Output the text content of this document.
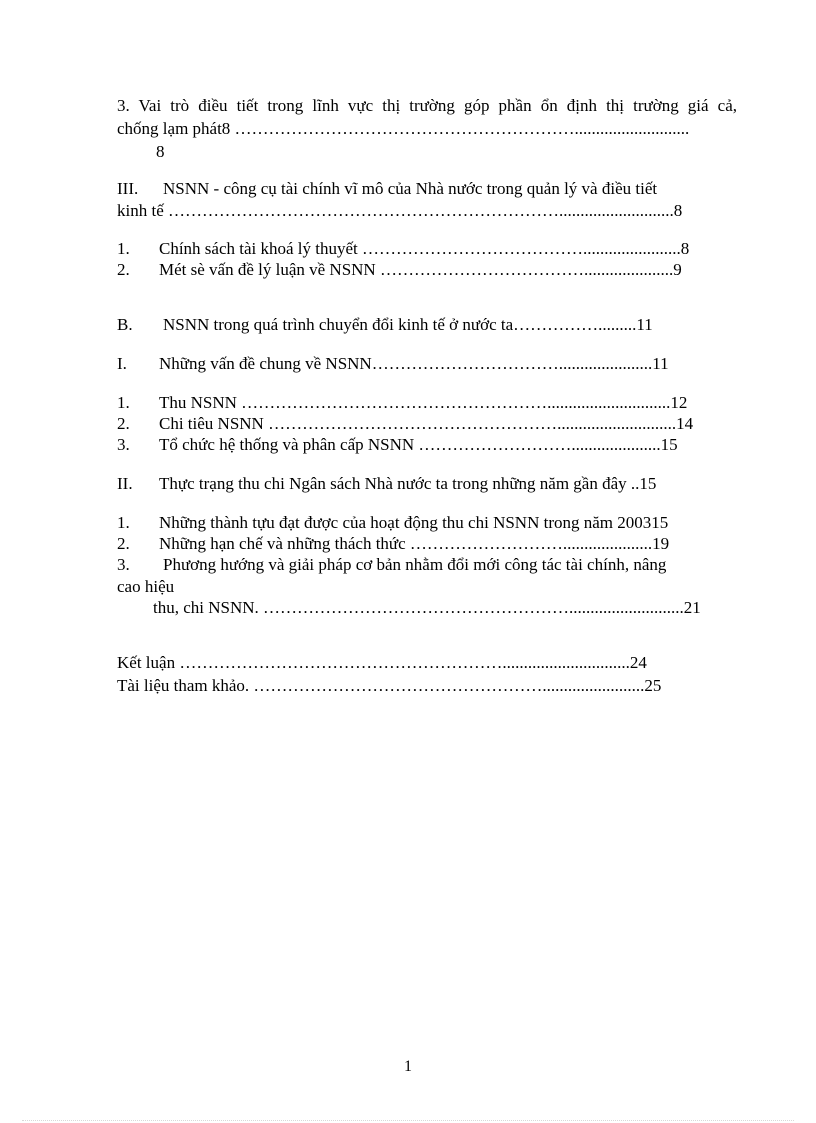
3. Vai trò điều tiết trong lĩnh vực thị trường góp phần ổn định thị trường giá cả,
chống lạm phát8 ……………………………………………………...........................
8
III. NSNN - công cụ tài chính vĩ mô của Nhà nước trong quản lý và điều tiết
kinh tế ……………………………………………………………...........................8
1. Chính sách tài khoá lý thuyết ………………………………….......................8
2. Mét sè vấn đề lý luận về NSNN ……………………………….....................9
B. NSNN trong quá trình chuyển đổi kinh tế ở nước ta…………….........11
I. Những vấn đề chung về NSNN……………………………......................11
1. Thu NSNN ……………………………………………….............................12
2. Chi tiêu NSNN ……………………………………………............................14
3. Tổ chức hệ thống và phân cấp NSNN ……………………….....................15
II. Thực trạng thu chi Ngân sách Nhà nước ta trong những năm gần đây ..15
1. Những thành tựu đạt được của hoạt động thu chi NSNN trong năm 200315
2. Những hạn chế và những thách thức ……………………….....................19
3. Phương hướng và giải pháp cơ bản nhằm đổi mới công tác tài chính, nâng
cao hiệu
thu, chi NSNN. ………………………………………………...........................21
Kết luận …………………………………………………..............................24
Tài liệu tham khảo. ……………………………………………........................25
1
